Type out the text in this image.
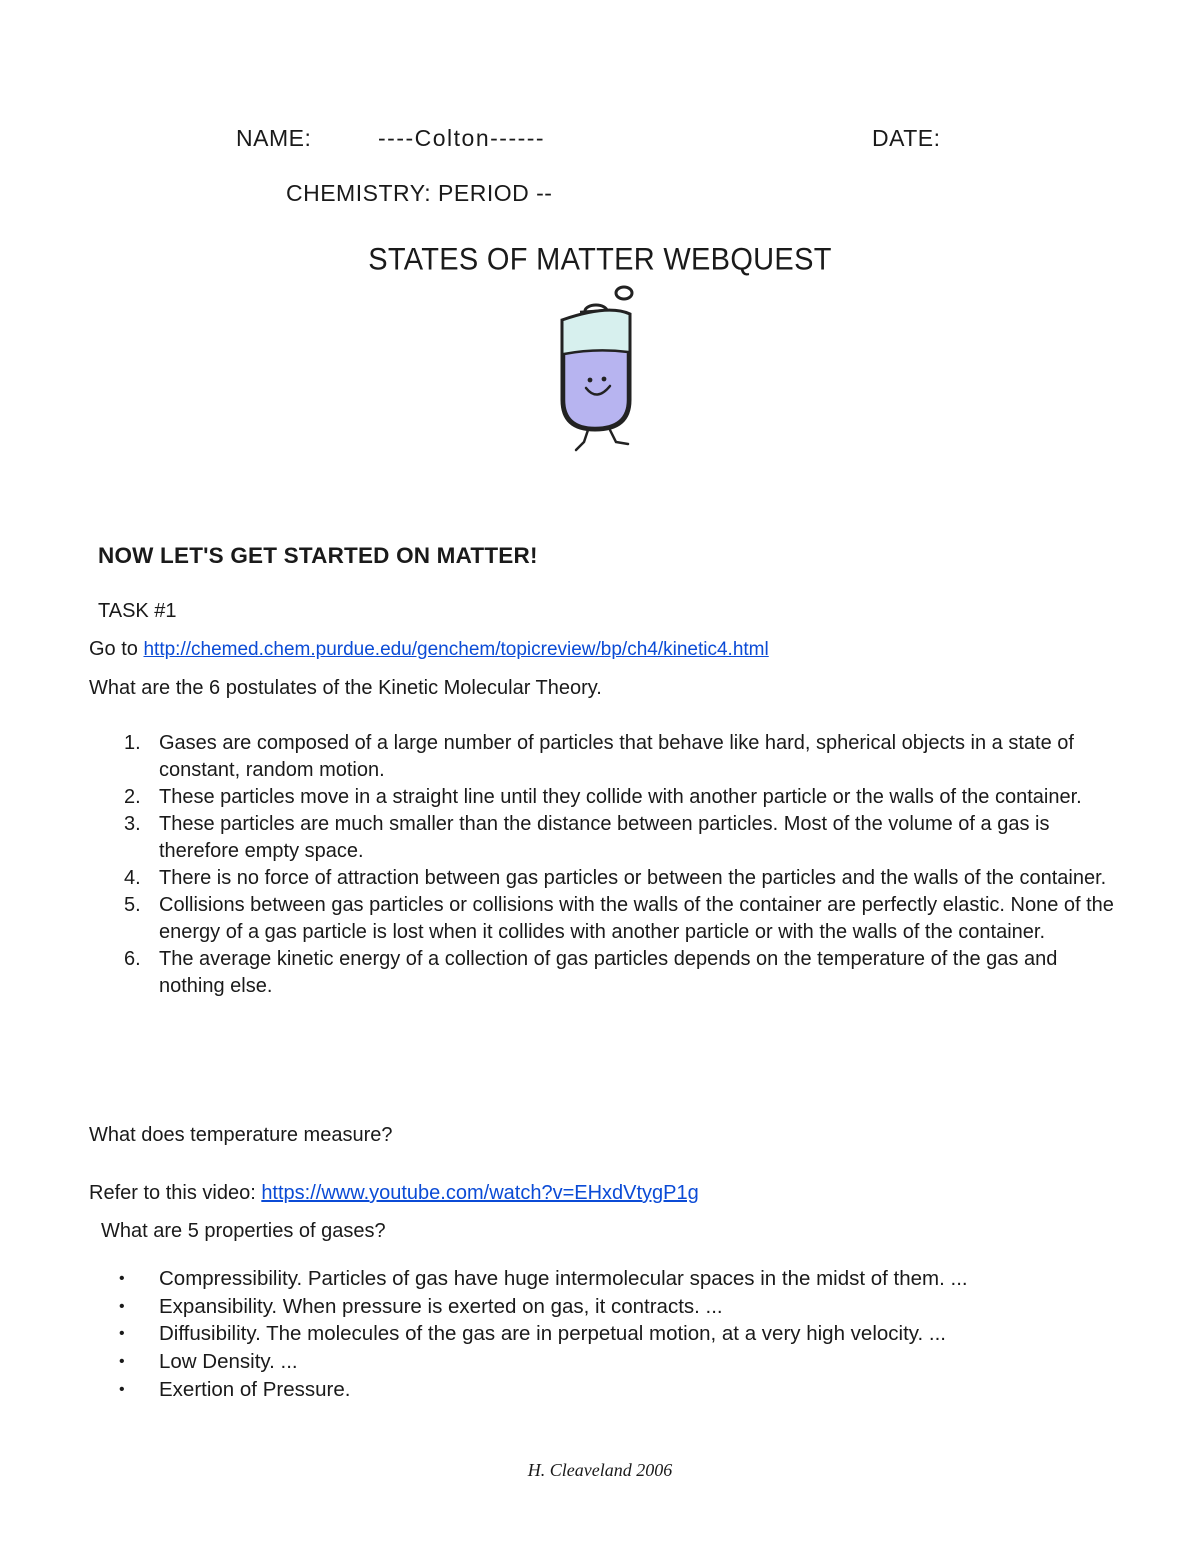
NAME:	----Colton------	DATE:
CHEMISTRY: PERIOD --
STATES OF MATTER WEBQUEST
NOW LET'S GET STARTED ON MATTER!
TASK #1
Go to http://chemed.chem.purdue.edu/genchem/topicreview/bp/ch4/kinetic4.html
What are the 6 postulates of the Kinetic Molecular Theory.
1. Gases are composed of a large number of particles that behave like hard, spherical objects in a state of constant, random motion.
2. These particles move in a straight line until they collide with another particle or the walls of the container.
3. These particles are much smaller than the distance between particles. Most of the volume of a gas is therefore empty space.
4. There is no force of attraction between gas particles or between the particles and the walls of the container.
5. Collisions between gas particles or collisions with the walls of the container are perfectly elastic. None of the energy of a gas particle is lost when it collides with another particle or with the walls of the container.
6. The average kinetic energy of a collection of gas particles depends on the temperature of the gas and nothing else.
What does temperature measure?
Refer to this video: https://www.youtube.com/watch?v=EHxdVtygP1g
What are 5 properties of gases?
• Compressibility. Particles of gas have huge intermolecular spaces in the midst of them. ...
• Expansibility. When pressure is exerted on gas, it contracts. ...
• Diffusibility. The molecules of the gas are in perpetual motion, at a very high velocity. ...
• Low Density. ...
• Exertion of Pressure.
H. Cleaveland 2006
